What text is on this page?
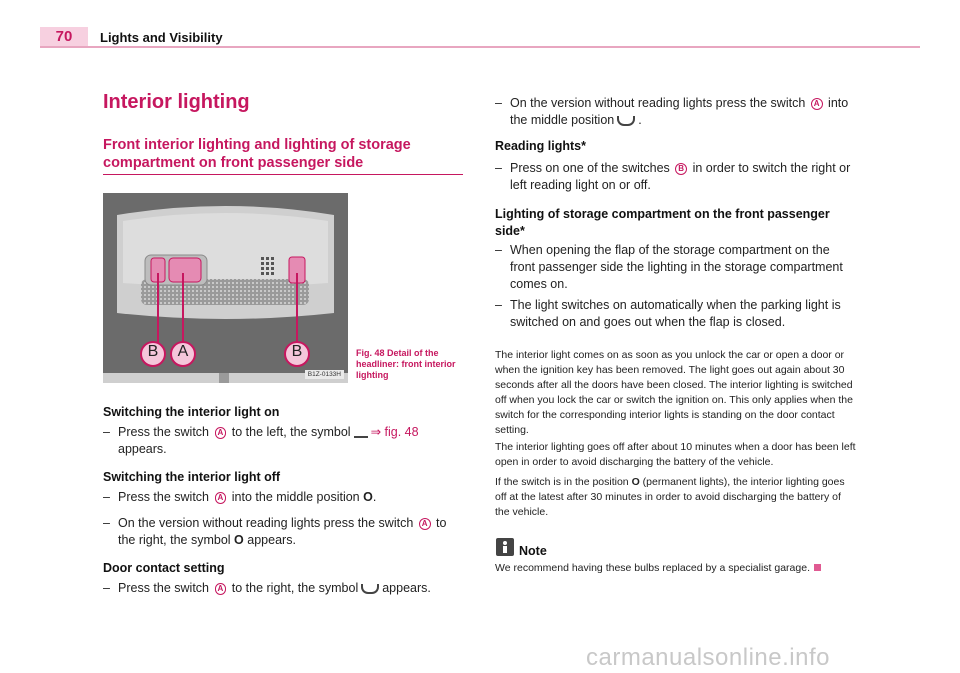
70	Lights and Visibility
Interior lighting
Front interior lighting and lighting of storage compartment on front passenger side
B A	B
B1Z-0133H
Fig. 48 Detail of the headliner: front interior lighting
Switching the interior light on
– Press the switch A to the left, the symbol ⇒ fig. 48
appears.
Switching the interior light off
– Press the switch A into the middle position O.
– On the version without reading lights press the switch A to the right, the symbol O appears.
Door contact setting
– Press the switch A to the right, the symbol appears.
– On the version without reading lights press the switch A into the middle position .
Reading lights*
– Press on one of the switches B in order to switch the right or left reading light on or off.
Lighting of storage compartment on the front passenger side*
– When opening the flap of the storage compartment on the front passenger side the lighting in the storage compartment comes on.
– The light switches on automatically when the parking light is switched on and goes out when the flap is closed.
The interior light comes on as soon as you unlock the car or open a door or when the ignition key has been removed. The light goes out again about 30 seconds after all the doors have been closed. The interior lighting is switched off when you lock the car or switch the ignition on. This only applies when the switch for the corresponding interior lights is standing on the door contact setting.
The interior lighting goes off after about 10 minutes when a door has been left open in order to avoid discharging the battery of the vehicle.
If the switch is in the position O (permanent lights), the interior lighting goes off at the latest after 30 minutes in order to avoid discharging the battery of the vehicle.
Note
We recommend having these bulbs replaced by a specialist garage.
carmanualsonline.info
